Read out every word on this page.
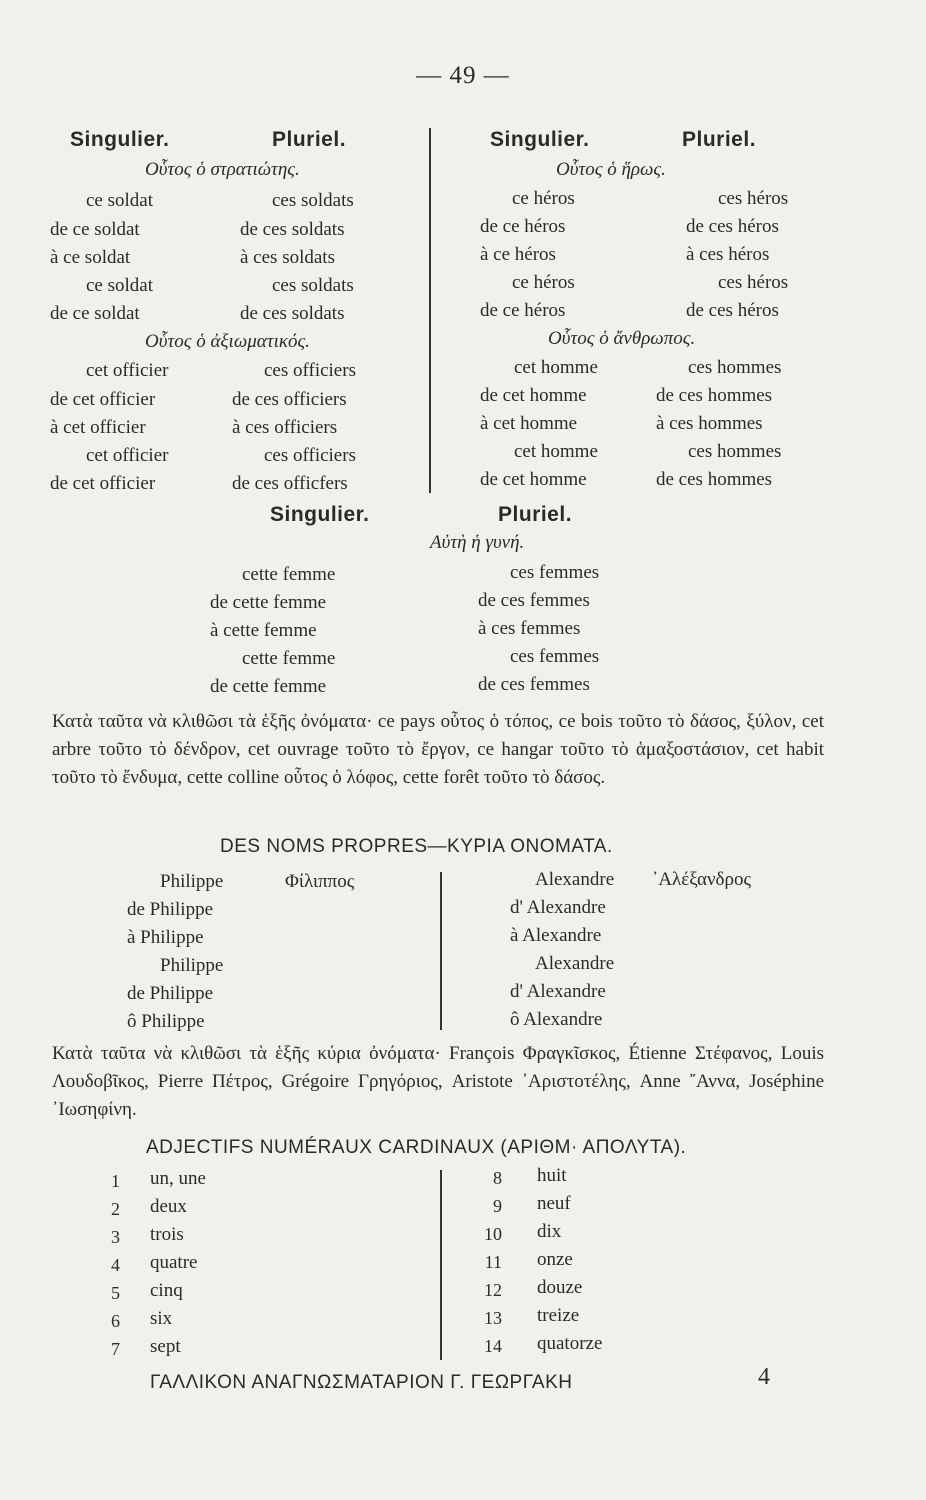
— 49 —
Singulier.	Pluriel.
Οὗτος ὁ στρατιώτης.
ce soldat	ces soldats
de ce soldat	de ces soldats
à ce soldat	à ces soldats
ce soldat	ces soldats
de ce soldat	de ces soldats
Οὗτος ὁ ἀξιωματικός.
cet officier	ces officiers
de cet officier	de ces officiers
à cet officier	à ces officiers
cet officier	ces officiers
de cet officier	de ces officfers
Singulier.	Pluriel.
Οὗτος ὁ ἥρως.
ce héros	ces héros
de ce héros	de ces héros
à ce héros	à ces héros
ce héros	ces héros
de ce héros	de ces héros
Οὗτος ὁ ἄνθρωπος.
cet homme	ces hommes
de cet homme	de ces hommes
à cet homme	à ces hommes
cet homme	ces hommes
de cet homme	de ces hommes
Singulier.	Pluriel.
Αὐτὴ ἡ γυνή.
cette femme	ces femmes
de cette femme	de ces femmes
à cette femme	à ces femmes
cette femme	ces femmes
de cette femme	de ces femmes
Κατὰ ταῦτα νὰ κλιθῶσι τὰ ἑξῆς ὀνόματα· ce pays οὗτος ὁ τόπος, ce bois τοῦτο τὸ δάσος, ξύλον, cet arbre τοῦτο τὸ δένδρον, cet ouvrage τοῦτο τὸ ἔργον, ce hangar τοῦτο τὸ ἁμαξοστάσιον, cet habit τοῦτο τὸ ἔνδυμα, cette colline οὗτος ὁ λόφος, cette forêt τοῦτο τὸ δάσος.
DES NOMS PROPRES—ΚΥΡΙΑ ΟΝΟΜΑΤΑ.
Philippe	Φίλιππος
de Philippe
à Philippe
Philippe
de Philippe
ô Philippe
Alexandre ᾿Αλέξανδρος
d' Alexandre
à Alexandre
Alexandre
d' Alexandre
ô Alexandre
Κατὰ ταῦτα νὰ κλιθῶσι τὰ ἑξῆς κύρια ὀνόματα· François Φραγκῖσκος, Étienne Στέφανος, Louis Λουδοβῖκος, Pierre Πέτρος, Grégoire Γρηγόριος, Aristote ᾿Αριστοτέλης, Anne ῎Αννα, Joséphine ᾿Ιωσηφίνη.
ADJECTIFS NUMÉRAUX CARDINAUX (ΑΡΙΘΜ· ΑΠΟΛΥΤΑ).
1 un, une
2 deux
3 trois
4 quatre
5 cinq
6 six
7 sept
8 huit
9 neuf
10 dix
11 onze
12 douze
13 treize
14 quatorze
ΓΑΛΛΙΚΟΝ ΑΝΑΓΝΩΣΜΑΤΑΡΙΟΝ Γ. ΓΕΩΡΓΑΚΗ	4
